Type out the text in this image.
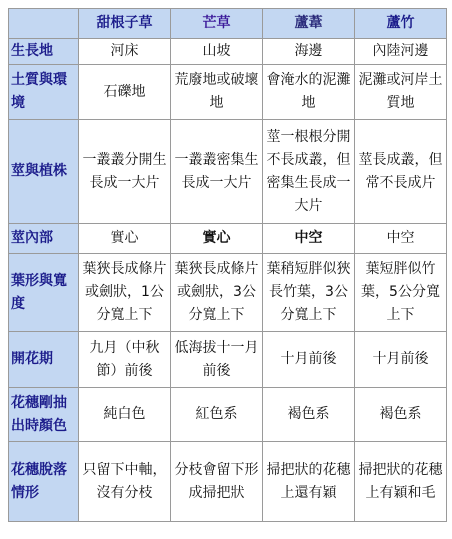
	甜根子草	芒草	蘆葦	蘆竹
生長地	河床	山坡	海邊	內陸河邊
土質與環境	石礫地	荒廢地或破壞地	會淹水的泥灘地	泥灘或河岸土質地
莖與植株	一叢叢分開生長成一大片	一叢叢密集生長成一大片	莖一根根分開不長成叢，但密集生長成一大片	莖長成叢，但常不長成片
莖內部	實心	實心	中空	中空
葉形與寬度	葉狹長成條片或劍狀，1公分寬上下	葉狹長成條片或劍狀，3公分寬上下	葉稍短胖似狹長竹葉，3公分寬上下	葉短胖似竹葉，5公分寬上下
開花期	九月（中秋節）前後	低海拔十一月前後	十月前後	十月前後
花穗剛抽出時顏色	純白色	紅色系	褐色系	褐色系
花穗脫落情形	只留下中軸，沒有分枝	分枝會留下形成掃把狀	掃把狀的花穗上還有穎	掃把狀的花穗上有穎和毛
